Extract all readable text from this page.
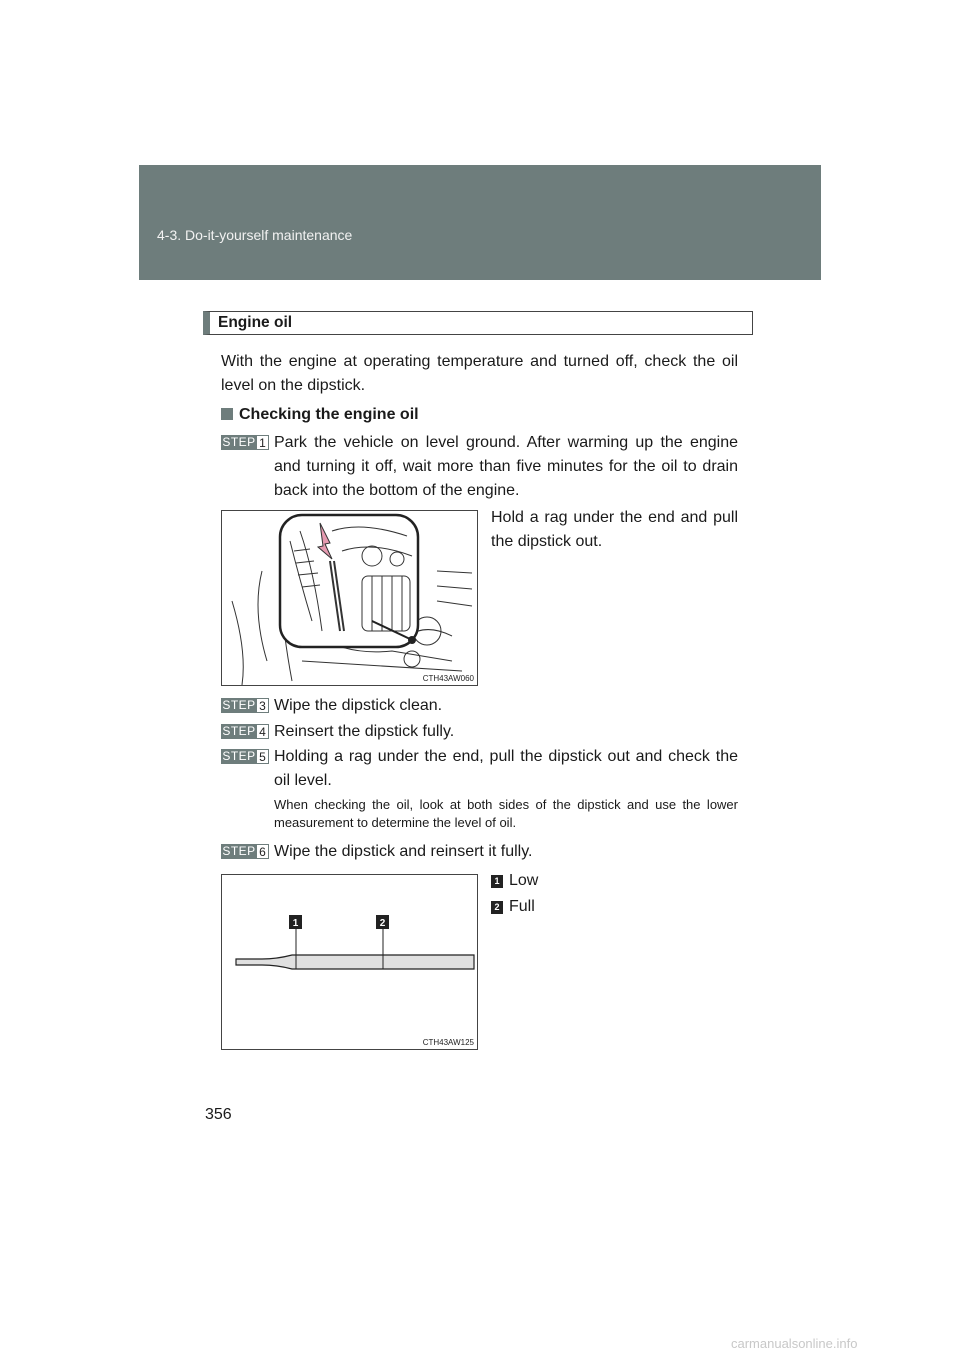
4-3. Do-it-yourself maintenance
Engine oil
With the engine at operating temperature and turned off, check the oil level on the dipstick.
Checking the engine oil
STEP 1 Park the vehicle on level ground. After warming up the engine and turning it off, wait more than five minutes for the oil to drain back into the bottom of the engine.
Hold a rag under the end and pull the dipstick out.
CTH43AW060
STEP 3 Wipe the dipstick clean.
STEP 4 Reinsert the dipstick fully.
STEP 5 Holding a rag under the end, pull the dipstick out and check the oil level.
When checking the oil, look at both sides of the dipstick and use the lower measurement to determine the level of oil.
STEP 6 Wipe the dipstick and reinsert it fully.
1	2
CTH43AW125
1 Low
2 Full
356
carmanualsonline.info
